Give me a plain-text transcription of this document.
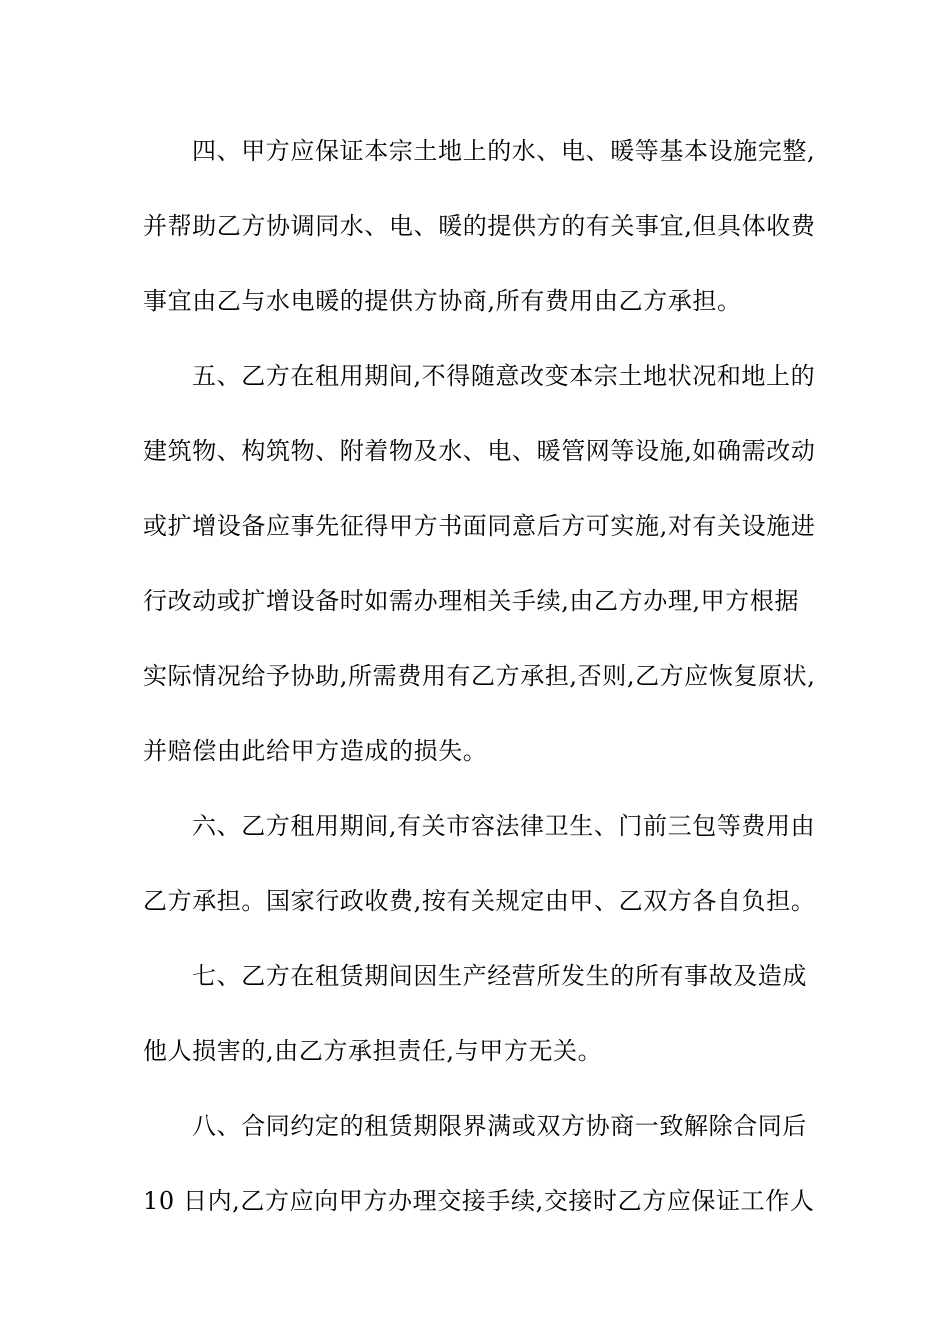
四、甲方应保证本宗土地上的水、电、暖等基本设施完整,
并帮助乙方协调同水、电、暖的提供方的有关事宜,但具体收费
事宜由乙与水电暖的提供方协商,所有费用由乙方承担。
五、乙方在租用期间,不得随意改变本宗土地状况和地上的
建筑物、构筑物、附着物及水、电、暖管网等设施,如确需改动
或扩增设备应事先征得甲方书面同意后方可实施,对有关设施进
行改动或扩增设备时如需办理相关手续,由乙方办理,甲方根据
实际情况给予协助,所需费用有乙方承担,否则,乙方应恢复原状,
并赔偿由此给甲方造成的损失。
六、乙方租用期间,有关市容法律卫生、门前三包等费用由
乙方承担。国家行政收费,按有关规定由甲、乙双方各自负担。
七、乙方在租赁期间因生产经营所发生的所有事故及造成
他人损害的,由乙方承担责任,与甲方无关。
八、合同约定的租赁期限界满或双方协商一致解除合同后
10 日内,乙方应向甲方办理交接手续,交接时乙方应保证工作人
